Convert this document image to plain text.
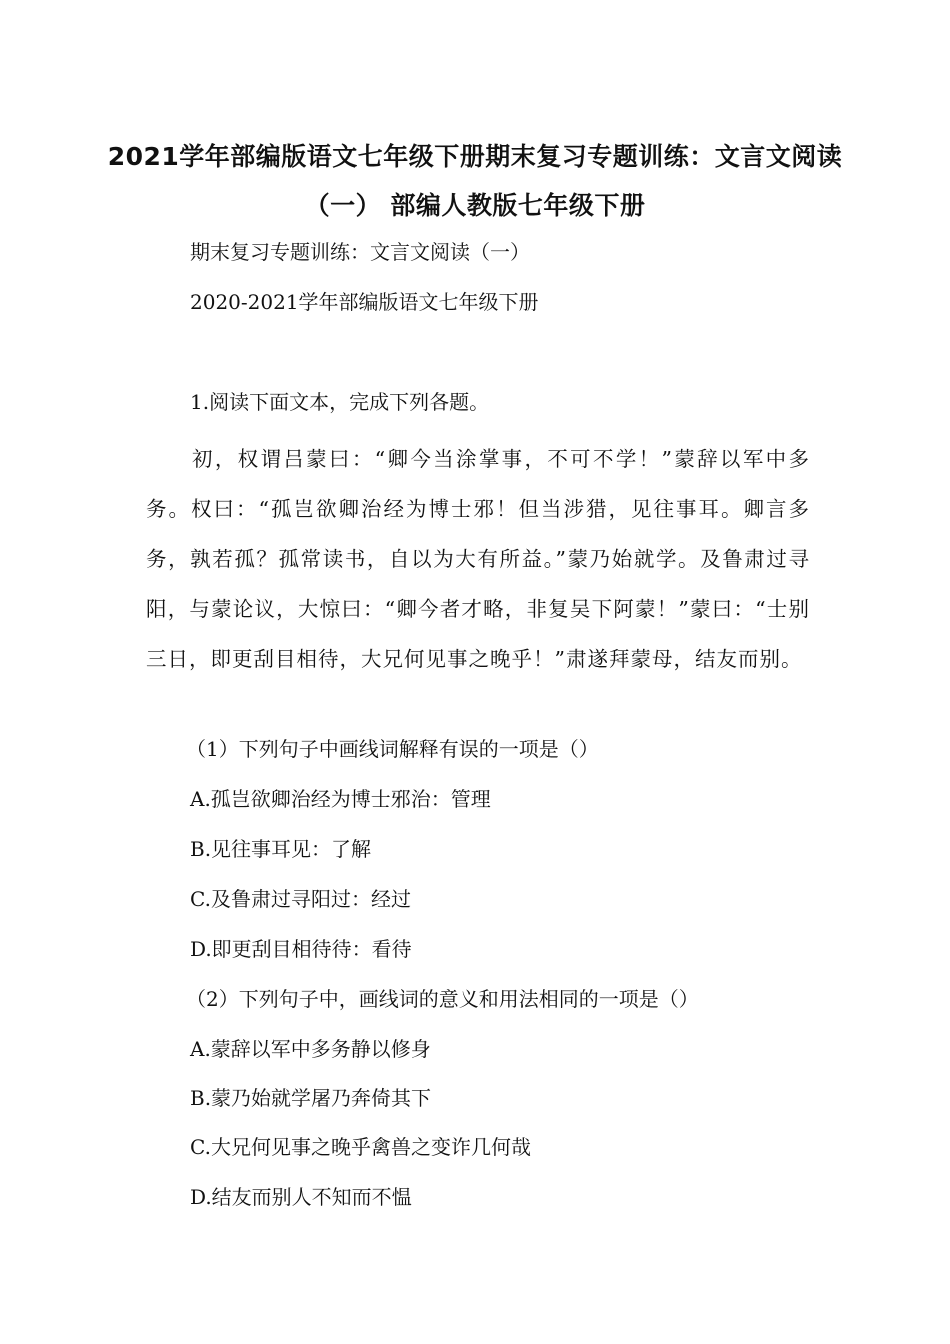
2021学年部编版语文七年级下册期末复习专题训练：文言文阅读
（一） 部编人教版七年级下册
期末复习专题训练：文言文阅读（一）
2020-2021学年部编版语文七年级下册
1.阅读下面文本，完成下列各题。
初，权谓吕蒙曰：“卿今当涂掌事，不可不学！”蒙辞以军中多务。权曰：“孤岂欲卿治经为博士邪！但当涉猎，见往事耳。卿言多务，孰若孤？孤常读书，自以为大有所益。”蒙乃始就学。及鲁肃过寻阳，与蒙论议，大惊曰：“卿今者才略，非复吴下阿蒙！”蒙曰：“士别三日，即更刮目相待，大兄何见事之晚乎！”肃遂拜蒙母，结友而别。
（1）下列句子中画线词解释有误的一项是（）
A.孤岂欲卿治经为博士邪治：管理
B.见往事耳见：了解
C.及鲁肃过寻阳过：经过
D.即更刮目相待待：看待
（2）下列句子中，画线词的意义和用法相同的一项是（）
A.蒙辞以军中多务静以修身
B.蒙乃始就学屠乃奔倚其下
C.大兄何见事之晚乎禽兽之变诈几何哉
D.结友而别人不知而不愠
